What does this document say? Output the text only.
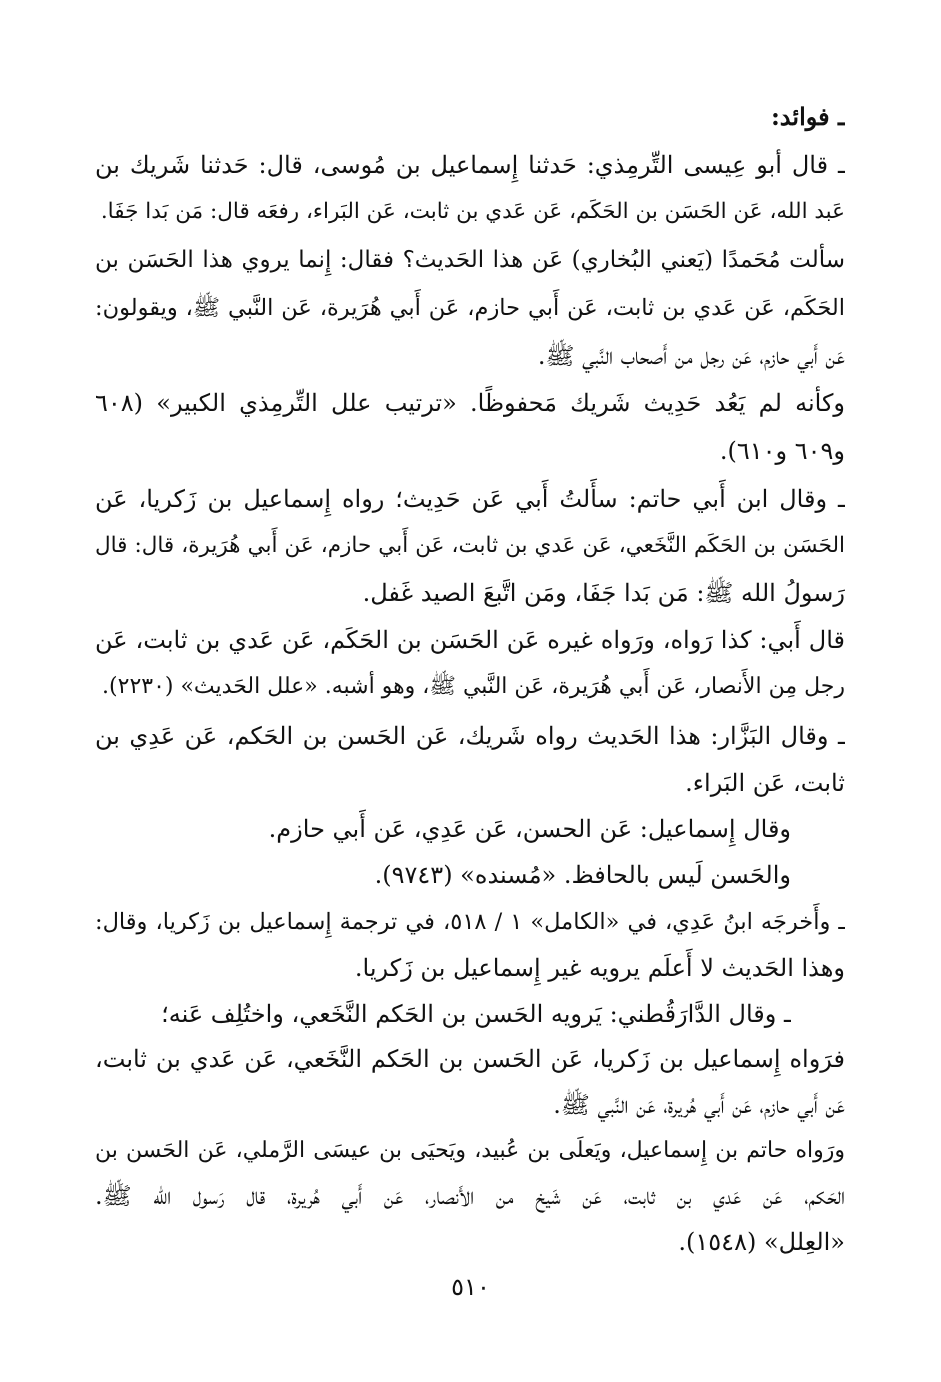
ـ فوائد:
ـ قال أبو عِيسى التِّرمِذي: حَدثنا إِسماعيل بن مُوسى، قال: حَدثنا شَريك بن
عَبد الله، عَن الحَسَن بن الحَكَم، عَن عَدي بن ثابت، عَن البَراء، رفعَه قال: مَن بَدا جَفَا.
سألت مُحَمدًا (يَعني البُخاري) عَن هذا الحَديث؟ فقال: إِنما يروي هذا الحَسَن بن
الحَكَم، عَن عَدي بن ثابت، عَن أَبي حازم، عَن أَبي هُرَيرة، عَن النَّبي ﷺ، ويقولون:
عَن أَبي حازم، عَن رجل من أَصحاب النَّبي ﷺ.
وكأنه لم يَعُد حَدِيث شَريك مَحفوظًا. «ترتيب علل التِّرمِذي الكبير» (٦٠٨
و٦٠٩ و٦١٠).
ـ وقال ابن أَبي حاتم: سأَلتُ أَبي عَن حَدِيث؛ رواه إِسماعيل بن زَكريا، عَن
الحَسَن بن الحَكَم النَّخَعي، عَن عَدي بن ثابت، عَن أَبي حازم، عَن أَبي هُرَيرة، قال: قال
رَسولُ الله ﷺ: مَن بَدا جَفَا، ومَن اتَّبعَ الصيد غَفل.
قال أَبي: كذا رَواه، ورَواه غيره عَن الحَسَن بن الحَكَم، عَن عَدي بن ثابت، عَن
رجل مِن الأَنصار، عَن أَبي هُرَيرة، عَن النَّبي ﷺ، وهو أشبه. «علل الحَديث» (٢٢٣٠).
ـ وقال البَزَّار: هذا الحَديث رواه شَريك، عَن الحَسن بن الحَكم، عَن عَدِي بن
ثابت، عَن البَراء.
وقال إِسماعيل: عَن الحسن، عَن عَدِي، عَن أَبي حازم.
والحَسن لَيس بالحافظ. «مُسنده» (٩٧٤٣).
ـ وأَخرجَه ابنُ عَدِي، في «الكامل» ١ / ٥١٨، في ترجمة إِسماعيل بن زَكريا، وقال:
وهذا الحَديث لا أَعلَم يرويه غير إِسماعيل بن زَكريا.
ـ وقال الدَّارَقُطني: يَرويه الحَسن بن الحَكم النَّخَعي، واختُلِف عَنه؛
فرَواه إِسماعيل بن زَكريا، عَن الحَسن بن الحَكم النَّخَعي، عَن عَدي بن ثابت،
عَن أَبي حازم، عَن أَبي هُريرة، عَن النَّبي ﷺ.
ورَواه حاتم بن إِسماعيل، ويَعلَى بن عُبيد، ويَحيَى بن عيسَى الرَّملي، عَن الحَسن بن
الحَكم، عَن عَدي بن ثابت، عَن شَيخ من الأَنصار، عَن أَبي هُريرة، قال رَسول الله ﷺ.
«العِلل» (١٥٤٨).
٥١٠
